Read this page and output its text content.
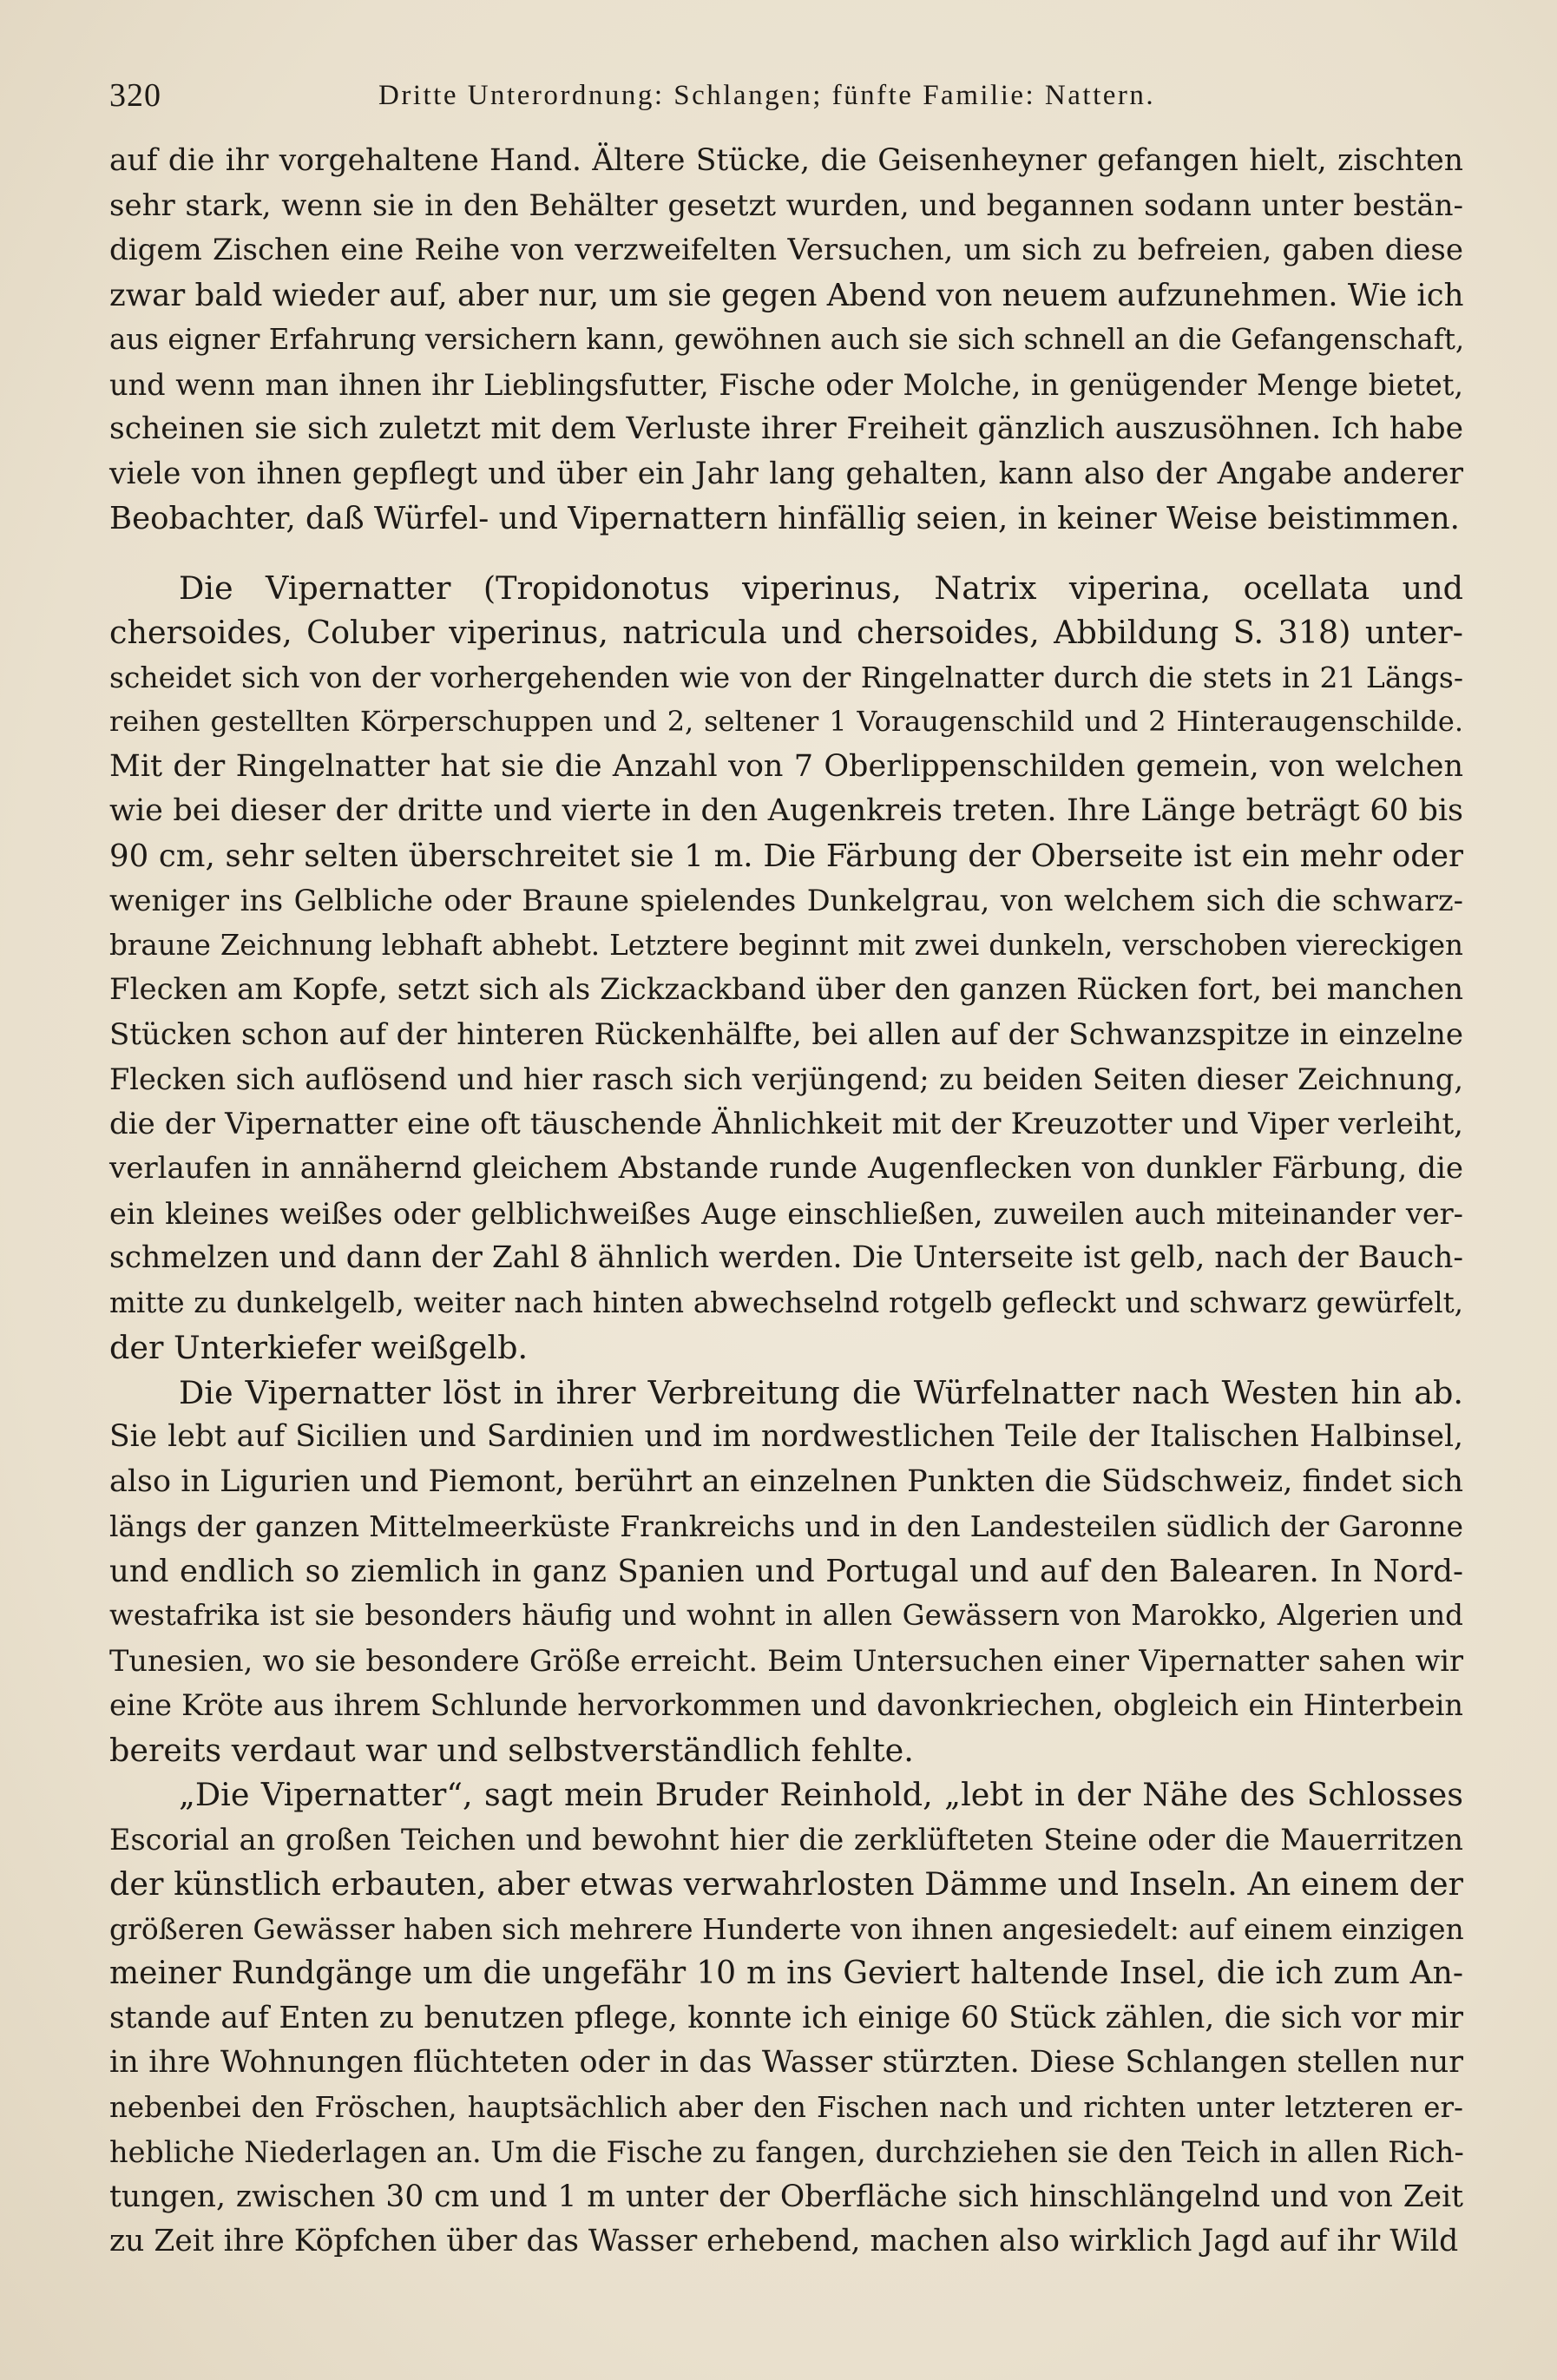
320	Dritte Unterordnung: Schlangen; fünfte Familie: Nattern.

auf die ihr vorgehaltene Hand. Ältere Stücke, die Geisenheyner gefangen hielt, zischten

sehr stark, wenn sie in den Behälter gesetzt wurden, und begannen sodann unter bestän-

digem Zischen eine Reihe von verzweifelten Versuchen, um sich zu befreien, gaben diese

zwar bald wieder auf, aber nur, um sie gegen Abend von neuem aufzunehmen. Wie ich

aus eigner Erfahrung versichern kann, gewöhnen auch sie sich schnell an die Gefangenschaft,

und wenn man ihnen ihr Lieblingsfutter, Fische oder Molche, in genügender Menge bietet,

scheinen sie sich zuletzt mit dem Verluste ihrer Freiheit gänzlich auszusöhnen. Ich habe

viele von ihnen gepflegt und über ein Jahr lang gehalten, kann also der Angabe anderer

Beobachter, daß Würfel- und Vipernattern hinfällig seien, in keiner Weise beistimmen.

Die Vipernatter (Tropidonotus viperinus, Natrix viperina, ocellata und

chersoides, Coluber viperinus, natricula und chersoides, Abbildung S. 318) unter-

scheidet sich von der vorhergehenden wie von der Ringelnatter durch die stets in 21 Längs-

reihen gestellten Körperschuppen und 2, seltener 1 Voraugenschild und 2 Hinteraugenschilde.

Mit der Ringelnatter hat sie die Anzahl von 7 Oberlippenschilden gemein, von welchen

wie bei dieser der dritte und vierte in den Augenkreis treten. Ihre Länge beträgt 60 bis

90 cm, sehr selten überschreitet sie 1 m. Die Färbung der Oberseite ist ein mehr oder

weniger ins Gelbliche oder Braune spielendes Dunkelgrau, von welchem sich die schwarz-

braune Zeichnung lebhaft abhebt. Letztere beginnt mit zwei dunkeln, verschoben viereckigen

Flecken am Kopfe, setzt sich als Zickzackband über den ganzen Rücken fort, bei manchen

Stücken schon auf der hinteren Rückenhälfte, bei allen auf der Schwanzspitze in einzelne

Flecken sich auflösend und hier rasch sich verjüngend; zu beiden Seiten dieser Zeichnung,

die der Vipernatter eine oft täuschende Ähnlichkeit mit der Kreuzotter und Viper verleiht,

verlaufen in annähernd gleichem Abstande runde Augenflecken von dunkler Färbung, die

ein kleines weißes oder gelblichweißes Auge einschließen, zuweilen auch miteinander ver-

schmelzen und dann der Zahl 8 ähnlich werden. Die Unterseite ist gelb, nach der Bauch-

mitte zu dunkelgelb, weiter nach hinten abwechselnd rotgelb gefleckt und schwarz gewürfelt,

der Unterkiefer weißgelb.

Die Vipernatter löst in ihrer Verbreitung die Würfelnatter nach Westen hin ab.

Sie lebt auf Sicilien und Sardinien und im nordwestlichen Teile der Italischen Halbinsel,

also in Ligurien und Piemont, berührt an einzelnen Punkten die Südschweiz, findet sich

längs der ganzen Mittelmeerküste Frankreichs und in den Landesteilen südlich der Garonne

und endlich so ziemlich in ganz Spanien und Portugal und auf den Balearen. In Nord-

westafrika ist sie besonders häufig und wohnt in allen Gewässern von Marokko, Algerien und

Tunesien, wo sie besondere Größe erreicht. Beim Untersuchen einer Vipernatter sahen wir

eine Kröte aus ihrem Schlunde hervorkommen und davonkriechen, obgleich ein Hinterbein

bereits verdaut war und selbstverständlich fehlte.

„Die Vipernatter“, sagt mein Bruder Reinhold, „lebt in der Nähe des Schlosses

Escorial an großen Teichen und bewohnt hier die zerklüfteten Steine oder die Mauerritzen

der künstlich erbauten, aber etwas verwahrlosten Dämme und Inseln. An einem der

größeren Gewässer haben sich mehrere Hunderte von ihnen angesiedelt: auf einem einzigen

meiner Rundgänge um die ungefähr 10 m ins Geviert haltende Insel, die ich zum An-

stande auf Enten zu benutzen pflege, konnte ich einige 60 Stück zählen, die sich vor mir

in ihre Wohnungen flüchteten oder in das Wasser stürzten. Diese Schlangen stellen nur

nebenbei den Fröschen, hauptsächlich aber den Fischen nach und richten unter letzteren er-

hebliche Niederlagen an. Um die Fische zu fangen, durchziehen sie den Teich in allen Rich-

tungen, zwischen 30 cm und 1 m unter der Oberfläche sich hinschlängelnd und von Zeit

zu Zeit ihre Köpfchen über das Wasser erhebend, machen also wirklich Jagd auf ihr Wild
